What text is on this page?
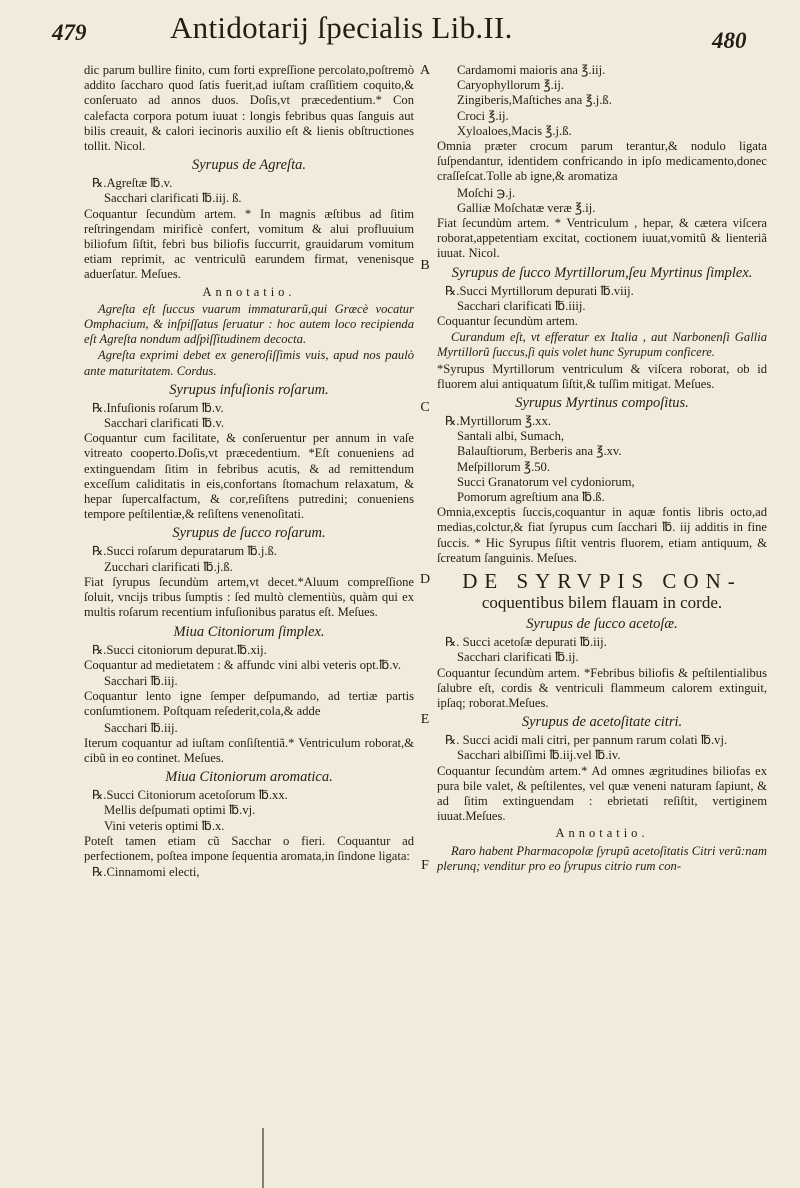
479	Antidotarij ſpecialis Lib.II.	480
A
B
C
D
E
F

dic parum bullire finito, cum forti expreſſione percolato,poſtremò addito ſaccharo quod ſatis fuerit,ad iuſtam craſſitiem coquito,& conſeruato ad annos duos. Doſis,vt præcedentium.* Con calefacta corpora potum iuuat : longis febribus quas ſanguis aut bilis creauit, & calori iecinoris auxilio eſt & lienis obſtructiones tollit. Nicol.

Syrupus de Agreſta.
℞.Agreſtæ ℔.v.
Sacchari clarificati ℔.iij. ß.

Coquantur ſecundùm artem. * In magnis æſtibus ad ſitim reſtringendam mirificè confert, vomitum & alui profluuium biliofum ſiſtit, febri bus biliofis ſuccurrit, grauidarum vomitum etiam reprimit, ac ventriculũ earundem firmat, venenisque aduerſatur. Meſues.

Annotatio.

Agreſta eſt ſuccus vuarum immaturarũ,qui Græcè vocatur Omphacium, & inſpiſſatus ſeruatur : hoc autem loco recipienda eſt Agreſta nondum adſpiſſitudinem decocta.

Agreſta exprimi debet ex generoſiſſimis vuis, apud nos paulò ante maturitatem. Cordus.

Syrupus infuſionis roſarum.
℞.Infuſionis roſarum ℔.v.
Sacchari clarificati ℔.v.

Coquantur cum facilitate, & conſeruentur per annum in vaſe vitreato cooperto.Doſis,vt præcedentium. *Eſt conueniens ad extinguendam ſitim in febribus acutis, & ad remittendum exceſſum caliditatis in eis,confortans ſtomachum relaxatum, & hepar ſupercalfactum, & cor,reſiſtens putredini; conueniens tempore peſtilentiæ,& reſiſtens venenoſitati.

Syrupus de ſucco roſarum.
℞.Succi roſarum depuratarum ℔.j.ß.
Zucchari clarificati ℔.j.ß.

Fiat ſyrupus ſecundùm artem,vt decet.*Aluum compreſſione ſoluit, vncijs tribus ſumptis : ſed multò clementiùs, quàm qui ex multis roſarum recentium infuſionibus paratus eſt. Meſues.

Miua Citoniorum ſimplex.
℞.Succi citoniorum depurat.℔.xij.

Coquantur ad medietatem : & affundc vini albi veteris opt.℔.v.

Sacchari ℔.iij.

Coquantur lento igne ſemper deſpumando, ad tertiæ partis conſumtionem. Poſtquam reſederit,cola,& adde

Sacchari ℔.iij.

Iterum coquantur ad iuſtam conſiſtentiã.* Ventriculum roborat,& cibũ in eo continet. Meſues.

Miua Citoniorum aromatica.
℞.Succi Citoniorum acetoſorum ℔.xx.
Mellis deſpumati optimi ℔.vj.
Vini veteris optimi ℔.x.

Poteſt tamen etiam cũ Sacchar o fieri. Coquantur ad perfectionem, poſtea impone ſequentia aromata,in ſindone ligata:

℞.Cinnamomi electi,
Cardamomi maioris ana ℥.iij.
Caryophyllorum ℥.ij.
Zingiberis,Maſtiches ana ℥.j.ß.
Croci ℥.ij.
Xyloaloes,Macis ℥.j.ß.

Omnia præter crocum parum terantur,& nodulo ligata ſuſpendantur, identidem confricando in ipſo medicamento,donec craſſeſcat.Tolle ab igne,& aromatiza

Moſchi ℈.j.
Galliæ Moſchatæ veræ ℥.ij.

Fiat ſecundùm artem. * Ventriculum , hepar, & cætera viſcera roborat,appetentiam excitat, coctionem iuuat,vomitũ & lienteriã iuuat. Nicol.

Syrupus de ſucco Myrtillorum,ſeu Myrtinus ſimplex.
℞.Succi Myrtillorum depurati ℔.viij.
Sacchari clarificati ℔.iiij.

Coquantur ſecundùm artem.

Curandum eſt, vt efferatur ex Italia , aut Narbonenſi Gallia Myrtillorũ ſuccus,ſi quis volet hunc Syrupum conficere.

*Syrupus Myrtillorum ventriculum & viſcera roborat, ob id fluorem alui antiquatum ſiſtit,& tuſſim mitigat. Meſues.

Syrupus Myrtinus compoſitus.
℞.Myrtillorum ℥.xx.
Santali albi, Sumach,
Balauſtiorum, Berberis ana ℥.xv.
Meſpillorum ℥.50.
Succi Granatorum vel cydoniorum,
Pomorum agreſtium ana ℔.ß.

Omnia,exceptis ſuccis,coquantur in aquæ fontis libris octo,ad medias,colctur,& fiat ſyrupus cum ſacchari ℔. iij additis in fine ſuccis. * Hic Syrupus ſiſtit ventris fluorem, etiam antiquum, & ſcreatum ſanguinis. Meſues.

DE SYRVPIS CON-
coquentibus bilem flauam in corde.
Syrupus de ſucco acetoſæ.
℞. Succi acetoſæ depurati ℔.iij.
Sacchari clarificati ℔.ij.

Coquantur ſecundùm artem. *Febribus biliofis & peſtilentialibus ſalubre eſt, cordis & ventriculi flammeum calorem extinguit, ipſaq; roborat.Meſues.

Syrupus de acetoſitate citri.
℞. Succi acidi mali citri, per pannum rarum colati ℔.vj.
Sacchari albiſſimi ℔.iij.vel ℔.iv.

Coquantur ſecundùm artem.* Ad omnes ægritudines biliofas ex pura bile valet, & peſtilentes, vel quæ veneni naturam ſapiunt, & ad ſitim extinguendam : ebrietati reſiſtit, vertiginem iuuat.Meſues.

Annotatio.

Raro habent Pharmacopolæ ſyrupũ acetoſitatis Citri verũ:nam plerunq; venditur pro eo ſyrupus citrio rum con-
